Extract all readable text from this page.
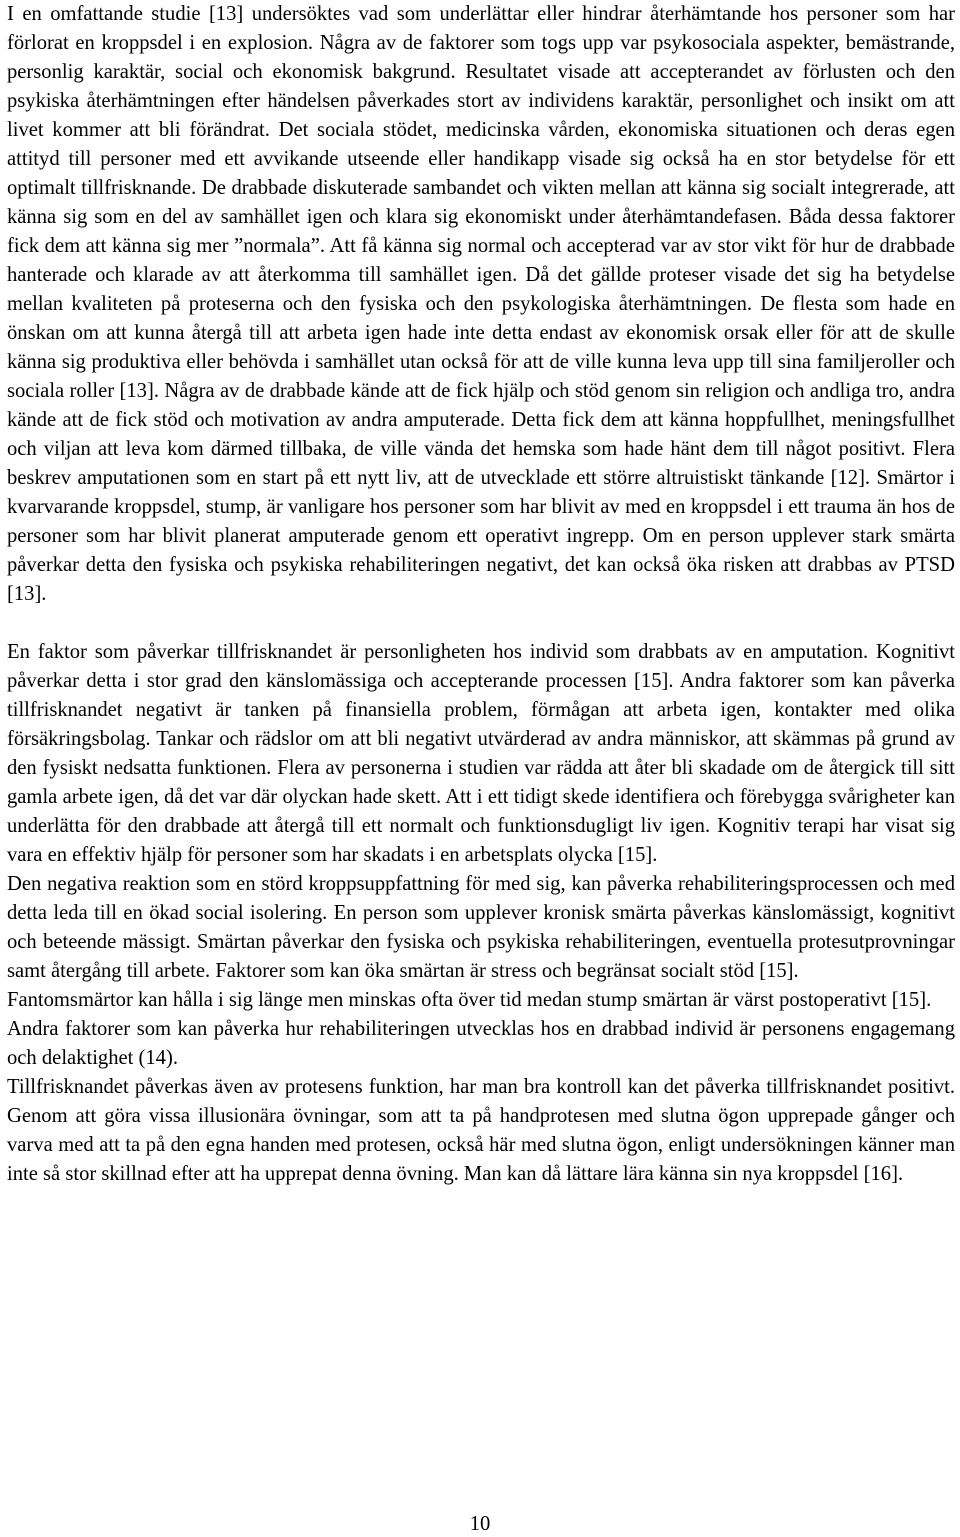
I en omfattande studie [13] undersöktes vad som underlättar eller hindrar återhämtande hos personer som har förlorat en kroppsdel i en explosion. Några av de faktorer som togs upp var psykosociala aspekter, bemästrande, personlig karaktär, social och ekonomisk bakgrund. Resultatet visade att accepterandet av förlusten och den psykiska återhämtningen efter händelsen påverkades stort av individens karaktär, personlighet och insikt om att livet kommer att bli förändrat. Det sociala stödet, medicinska vården, ekonomiska situationen och deras egen attityd till personer med ett avvikande utseende eller handikapp visade sig också ha en stor betydelse för ett optimalt tillfrisknande. De drabbade diskuterade sambandet och vikten mellan att känna sig socialt integrerade, att känna sig som en del av samhället igen och klara sig ekonomiskt under återhämtandefasen. Båda dessa faktorer fick dem att känna sig mer ”normala”. Att få känna sig normal och accepterad var av stor vikt för hur de drabbade hanterade och klarade av att återkomma till samhället igen. Då det gällde proteser visade det sig ha betydelse mellan kvaliteten på proteserna och den fysiska och den psykologiska återhämtningen. De flesta som hade en önskan om att kunna återgå till att arbeta igen hade inte detta endast av ekonomisk orsak eller för att de skulle känna sig produktiva eller behövda i samhället utan också för att de ville kunna leva upp till sina familjeroller och sociala roller [13]. Några av de drabbade kände att de fick hjälp och stöd genom sin religion och andliga tro, andra kände att de fick stöd och motivation av andra amputerade. Detta fick dem att känna hoppfullhet, meningsfullhet och viljan att leva kom därmed tillbaka, de ville vända det hemska som hade hänt dem till något positivt. Flera beskrev amputationen som en start på ett nytt liv, att de utvecklade ett större altruistiskt tänkande [12]. Smärtor i kvarvarande kroppsdel, stump, är vanligare hos personer som har blivit av med en kroppsdel i ett trauma än hos de personer som har blivit planerat amputerade genom ett operativt ingrepp. Om en person upplever stark smärta påverkar detta den fysiska och psykiska rehabiliteringen negativt, det kan också öka risken att drabbas av PTSD [13].

En faktor som påverkar tillfrisknandet är personligheten hos individ som drabbats av en amputation. Kognitivt påverkar detta i stor grad den känslomässiga och accepterande processen [15]. Andra faktorer som kan påverka tillfrisknandet negativt är tanken på finansiella problem, förmågan att arbeta igen, kontakter med olika försäkringsbolag. Tankar och rädslor om att bli negativt utvärderad av andra människor, att skämmas på grund av den fysiskt nedsatta funktionen. Flera av personerna i studien var rädda att åter bli skadade om de återgick till sitt gamla arbete igen, då det var där olyckan hade skett. Att i ett tidigt skede identifiera och förebygga svårigheter kan underlätta för den drabbade att återgå till ett normalt och funktionsdugligt liv igen. Kognitiv terapi har visat sig vara en effektiv hjälp för personer som har skadats i en arbetsplats olycka [15].

Den negativa reaktion som en störd kroppsuppfattning för med sig, kan påverka rehabiliteringsprocessen och med detta leda till en ökad social isolering. En person som upplever kronisk smärta påverkas känslomässigt, kognitivt och beteende mässigt. Smärtan påverkar den fysiska och psykiska rehabiliteringen, eventuella protesutprovningar samt återgång till arbete. Faktorer som kan öka smärtan är stress och begränsat socialt stöd [15].

Fantomsmärtor kan hålla i sig länge men minskas ofta över tid medan stump smärtan är värst postoperativt [15].

Andra faktorer som kan påverka hur rehabiliteringen utvecklas hos en drabbad individ är personens engagemang och delaktighet (14).

Tillfrisknandet påverkas även av protesens funktion, har man bra kontroll kan det påverka tillfrisknandet positivt. Genom att göra vissa illusionära övningar, som att ta på handprotesen med slutna ögon upprepade gånger och varva med att ta på den egna handen med protesen, också här med slutna ögon, enligt undersökningen känner man inte så stor skillnad efter att ha upprepat denna övning. Man kan då lättare lära känna sin nya kroppsdel [16].

10
